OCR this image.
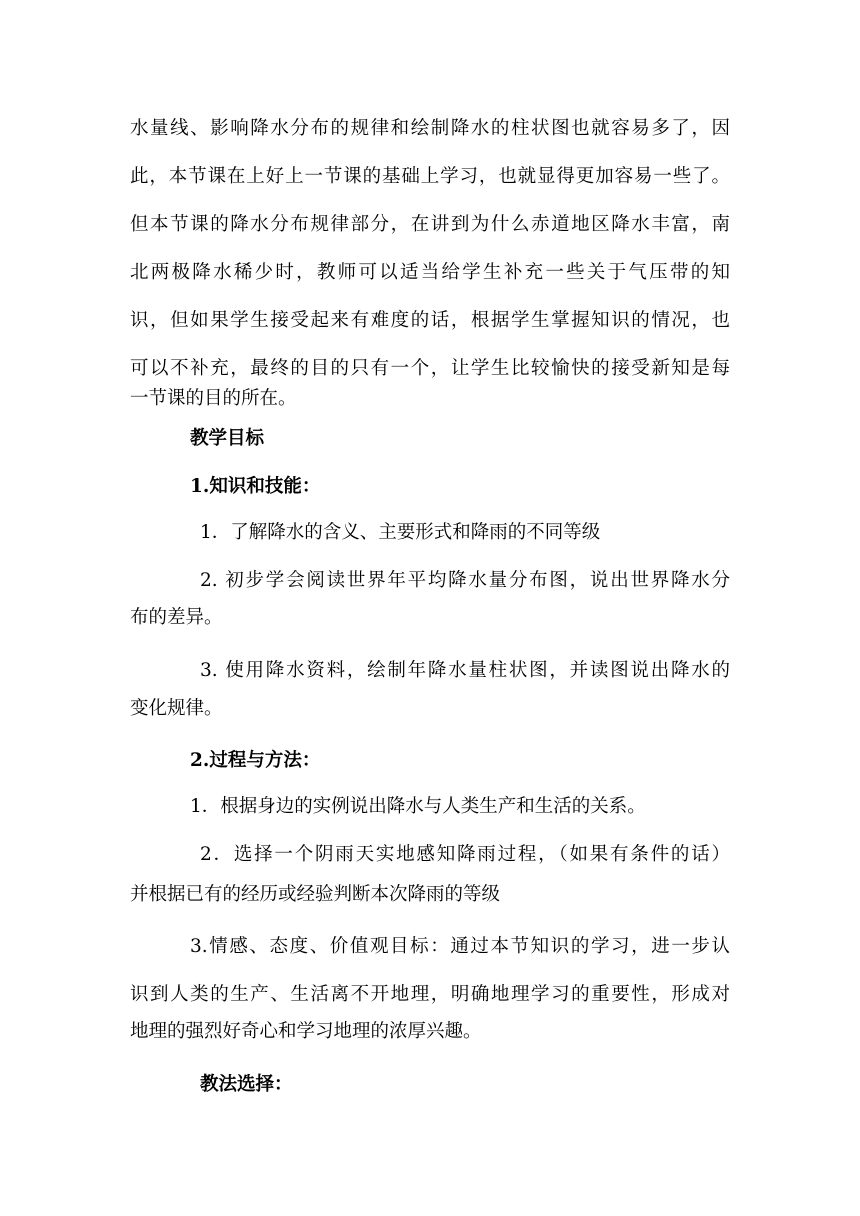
水量线、影响降水分布的规律和绘制降水的柱状图也就容易多了，因
此，本节课在上好上一节课的基础上学习，也就显得更加容易一些了。
但本节课的降水分布规律部分，在讲到为什么赤道地区降水丰富，南
北两极降水稀少时，教师可以适当给学生补充一些关于气压带的知
识，但如果学生接受起来有难度的话，根据学生掌握知识的情况，也
可以不补充，最终的目的只有一个，让学生比较愉快的接受新知是每
一节课的目的所在。
教学目标
1.知识和技能：
1．了解降水的含义、主要形式和降雨的不同等级
2. 初步学会阅读世界年平均降水量分布图，说出世界降水分
布的差异。
3. 使用降水资料，绘制年降水量柱状图，并读图说出降水的
变化规律。
2.过程与方法：
1．根据身边的实例说出降水与人类生产和生活的关系。
2．选择一个阴雨天实地感知降雨过程，（如果有条件的话）
并根据已有的经历或经验判断本次降雨的等级
3.情感、态度、价值观目标：通过本节知识的学习，进一步认
识到人类的生产、生活离不开地理，明确地理学习的重要性，形成对
地理的强烈好奇心和学习地理的浓厚兴趣。
教法选择：
